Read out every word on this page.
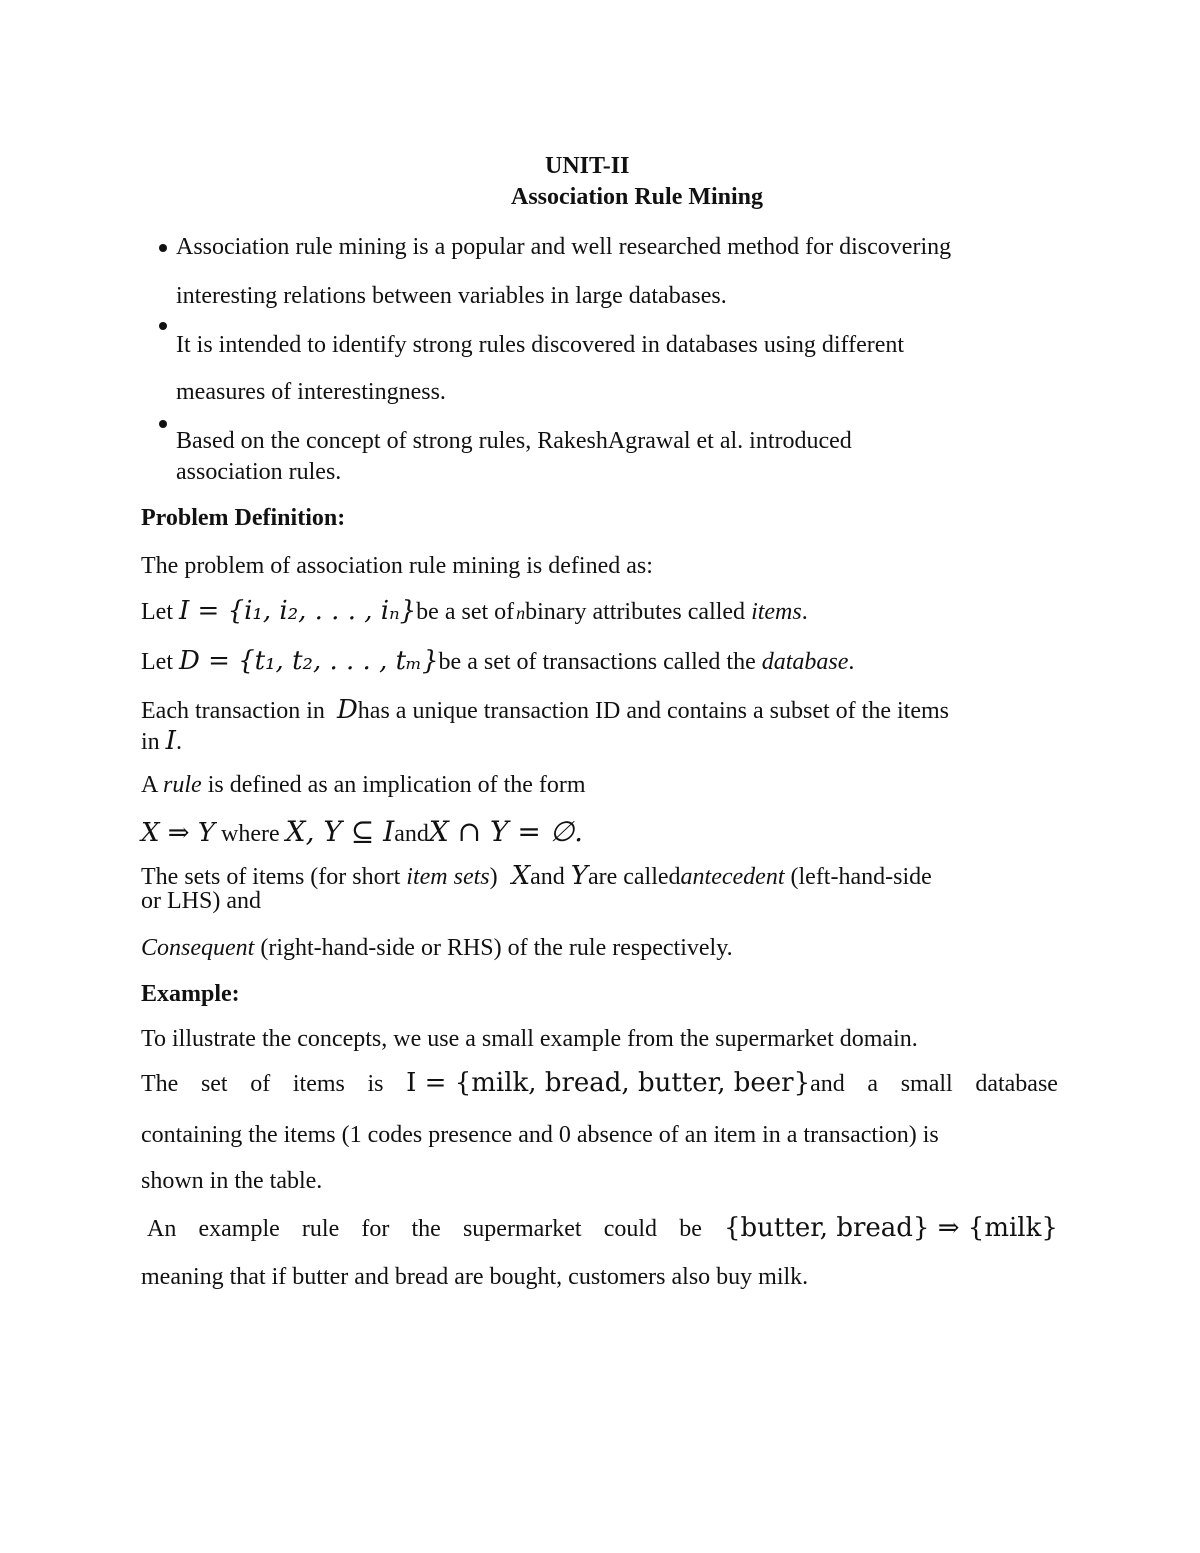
UNIT-II
Association Rule Mining
Association rule mining is a popular and well researched method for discovering
interesting relations between variables in large databases.
It is intended to identify strong rules discovered in databases using different
measures of interestingness.
Based on the concept of strong rules, RakeshAgrawal et al. introduced
association rules.
Problem Definition:
The problem of association rule mining is defined as:
Let I = {i₁, i₂, . . . , iₙ}be a set of nbinary attributes called items.
Let D = {t₁, t₂, . . . , tₘ}be a set of transactions called the database.
Each transaction in Dhas a unique transaction ID and contains a subset of the items
in I.
A rule is defined as an implication of the form
X ⇒ Y where X, Y ⊆ IandX ∩ Y = ∅.
The sets of items (for short item sets) Xand Yare calledantecedent (left-hand-side
or LHS) and
Consequent (right-hand-side or RHS) of the rule respectively.
Example:
To illustrate the concepts, we use a small example from the supermarket domain.
The set of items is I = {milk, bread, butter, beer}and a small database
containing the items (1 codes presence and 0 absence of an item in a transaction) is
shown in the table.
An example rule for the supermarket could be {butter, bread} ⇒ {milk}
meaning that if butter and bread are bought, customers also buy milk.
